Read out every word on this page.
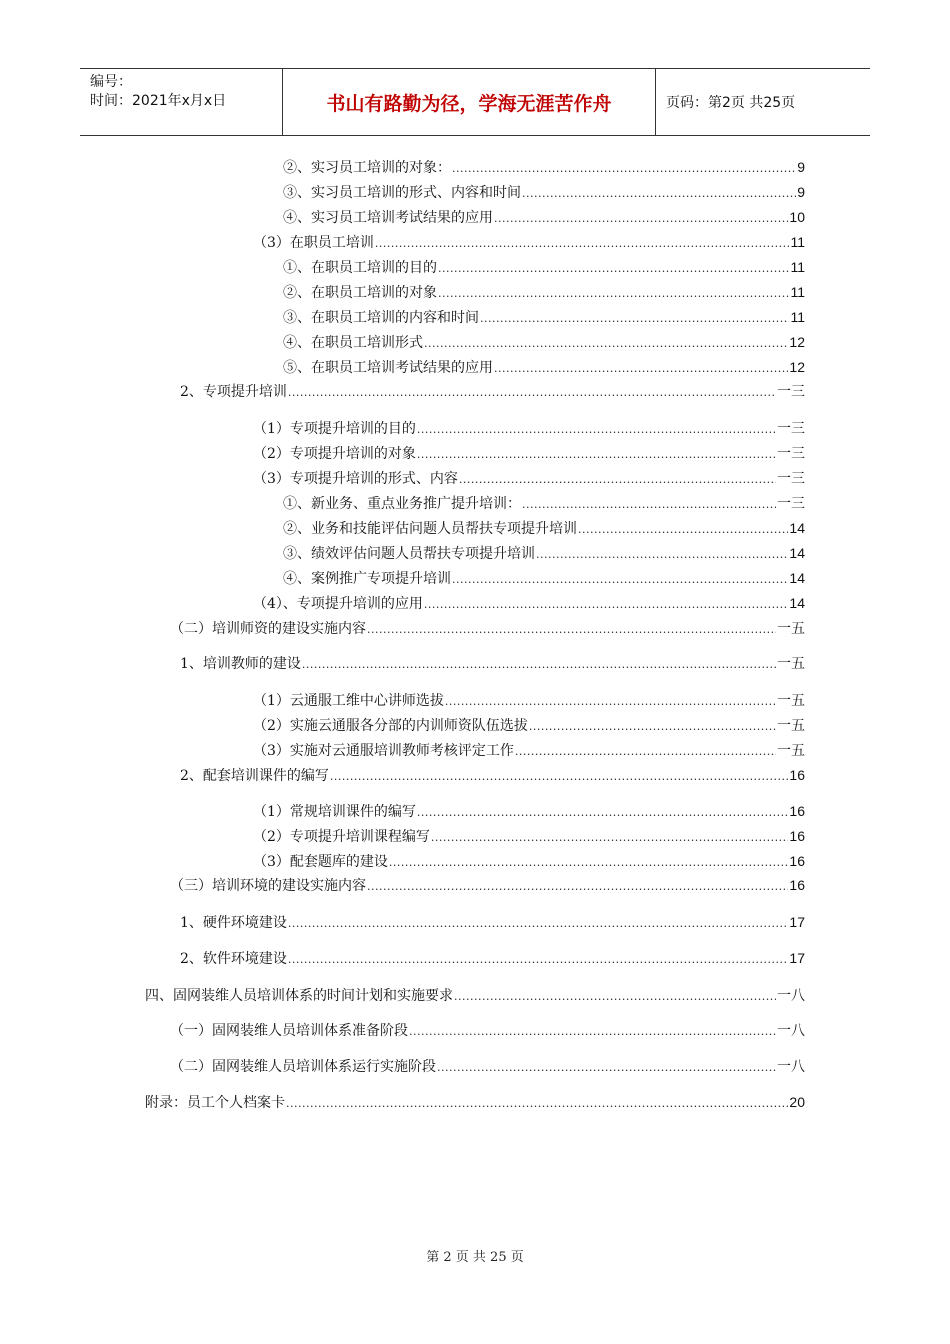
编号：
时间：2021年x月x日	书山有路勤为径，学海无涯苦作舟	页码：第2页 共25页
②、实习员工培训的对象： .....	9
③、实习员工培训的形式、内容和时间 .....	9
④、实习员工培训考试结果的应用 .....	10
（3）在职员工培训 .....	11
①、在职员工培训的目的 .....	11
②、在职员工培训的对象 .....	11
③、在职员工培训的内容和时间 .....	11
④、在职员工培训形式 .....	12
⑤、在职员工培训考试结果的应用 .....	12
2、专项提升培训 .....	一三
（1）专项提升培训的目的 .....	一三
（2）专项提升培训的对象 .....	一三
（3）专项提升培训的形式、内容 .....	一三
①、新业务、重点业务推广提升培训： .....	一三
②、业务和技能评估问题人员帮扶专项提升培训 .....	14
③、绩效评估问题人员帮扶专项提升培训 .....	14
④、案例推广专项提升培训 .....	14
（4）、专项提升培训的应用 .....	14
（二）培训师资的建设实施内容 .....	一五
1、培训教师的建设 .....	一五
（1）云通服工维中心讲师选拔 .....	一五
（2）实施云通服各分部的内训师资队伍选拔 .....	一五
（3）实施对云通服培训教师考核评定工作 .....	一五
2、配套培训课件的编写 .....	16
（1）常规培训课件的编写 .....	16
（2）专项提升培训课程编写 .....	16
（3）配套题库的建设 .....	16
（三）培训环境的建设实施内容 .....	16
1、硬件环境建设 .....	17
2、软件环境建设 .....	17
四、固网装维人员培训体系的时间计划和实施要求 .....	一八
（一）固网装维人员培训体系准备阶段 .....	一八
（二）固网装维人员培训体系运行实施阶段 .....	一八
附录：员工个人档案卡 .....	20
第 2 页 共 25 页
